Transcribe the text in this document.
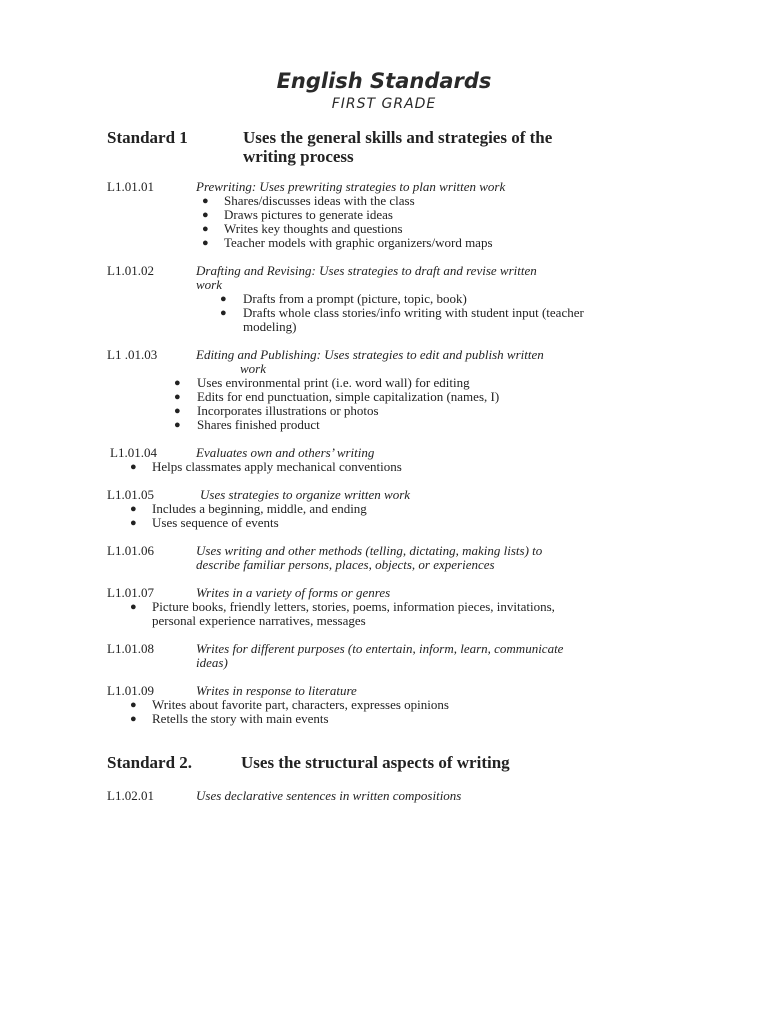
English Standards
FIRST GRADE
Standard 1	Uses the general skills and strategies of the
writing process
L1.01.01	Prewriting: Uses prewriting strategies to plan written work
● Shares/discusses ideas with the class
● Draws pictures to generate ideas
● Writes key thoughts and questions
● Teacher models with graphic organizers/word maps
L1.01.02	Drafting and Revising: Uses strategies to draft and revise written
work
● Drafts from a prompt (picture, topic, book)
● Drafts whole class stories/info writing with student input (teacher
modeling)
L1 .01.03	Editing and Publishing: Uses strategies to edit and publish written
work
● Uses environmental print (i.e. word wall) for editing
● Edits for end punctuation, simple capitalization (names, I)
● Incorporates illustrations or photos
● Shares finished product
L1.01.04	Evaluates own and others’ writing
● Helps classmates apply mechanical conventions
L1.01.05	Uses strategies to organize written work
● Includes a beginning, middle, and ending
● Uses sequence of events
L1.01.06	Uses writing and other methods (telling, dictating, making lists) to
describe familiar persons, places, objects, or experiences
L1.01.07	Writes in a variety of forms or genres
● Picture books, friendly letters, stories, poems, information pieces, invitations,
personal experience narratives, messages
L1.01.08	Writes for different purposes (to entertain, inform, learn, communicate
ideas)
L1.01.09	Writes in response to literature
● Writes about favorite part, characters, expresses opinions
● Retells the story with main events
Standard 2.	Uses the structural aspects of writing
L1.02.01	Uses declarative sentences in written compositions
